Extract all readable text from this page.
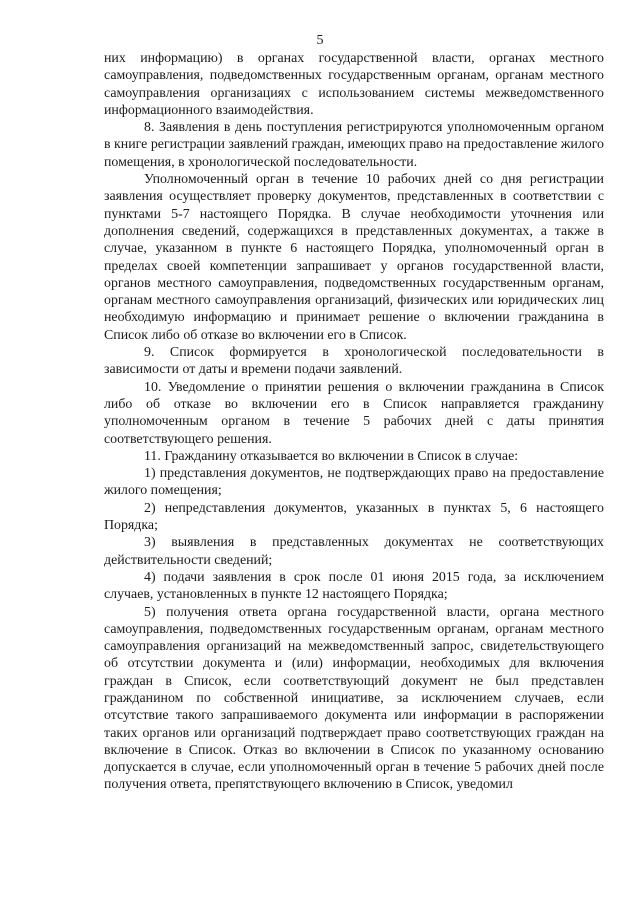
5

них информацию) в органах государственной власти, органах местного самоуправления, подведомственных государственным органам, органам местного самоуправления организациях с использованием системы межведомственного информационного взаимодействия.

8. Заявления в день поступления регистрируются уполномоченным органом в книге регистрации заявлений граждан, имеющих право на предоставление жилого помещения, в хронологической последовательности.

Уполномоченный орган в течение 10 рабочих дней со дня регистрации заявления осуществляет проверку документов, представленных в соответствии с пунктами 5-7 настоящего Порядка. В случае необходимости уточнения или дополнения сведений, содержащихся в представленных документах, а также в случае, указанном в пункте 6 настоящего Порядка, уполномоченный орган в пределах своей компетенции запрашивает у органов государственной власти, органов местного самоуправления, подведомственных государственным органам, органам местного самоуправления организаций, физических или юридических лиц необходимую информацию и принимает решение о включении гражданина в Список либо об отказе во включении его в Список.

9. Список формируется в хронологической последовательности в зависимости от даты и времени подачи заявлений.

10. Уведомление о принятии решения о включении гражданина в Список либо об отказе во включении его в Список направляется гражданину уполномоченным органом в течение 5 рабочих дней с даты принятия соответствующего решения.

11. Гражданину отказывается во включении в Список в случае:

1) представления документов, не подтверждающих право на предоставление жилого помещения;

2) непредставления документов, указанных в пунктах 5, 6 настоящего Порядка;

3) выявления в представленных документах не соответствующих действительности сведений;

4) подачи заявления в срок после 01 июня 2015 года, за исключением случаев, установленных в пункте 12 настоящего Порядка;

5) получения ответа органа государственной власти, органа местного самоуправления, подведомственных государственным органам, органам местного самоуправления организаций на межведомственный запрос, свидетельствующего об отсутствии документа и (или) информации, необходимых для включения граждан в Список, если соответствующий документ не был представлен гражданином по собственной инициативе, за исключением случаев, если отсутствие такого запрашиваемого документа или информации в распоряжении таких органов или организаций подтверждает право соответствующих граждан на включение в Список. Отказ во включении в Список по указанному основанию допускается в случае, если уполномоченный орган в течение 5 рабочих дней после получения ответа, препятствующего включению в Список, уведомил
